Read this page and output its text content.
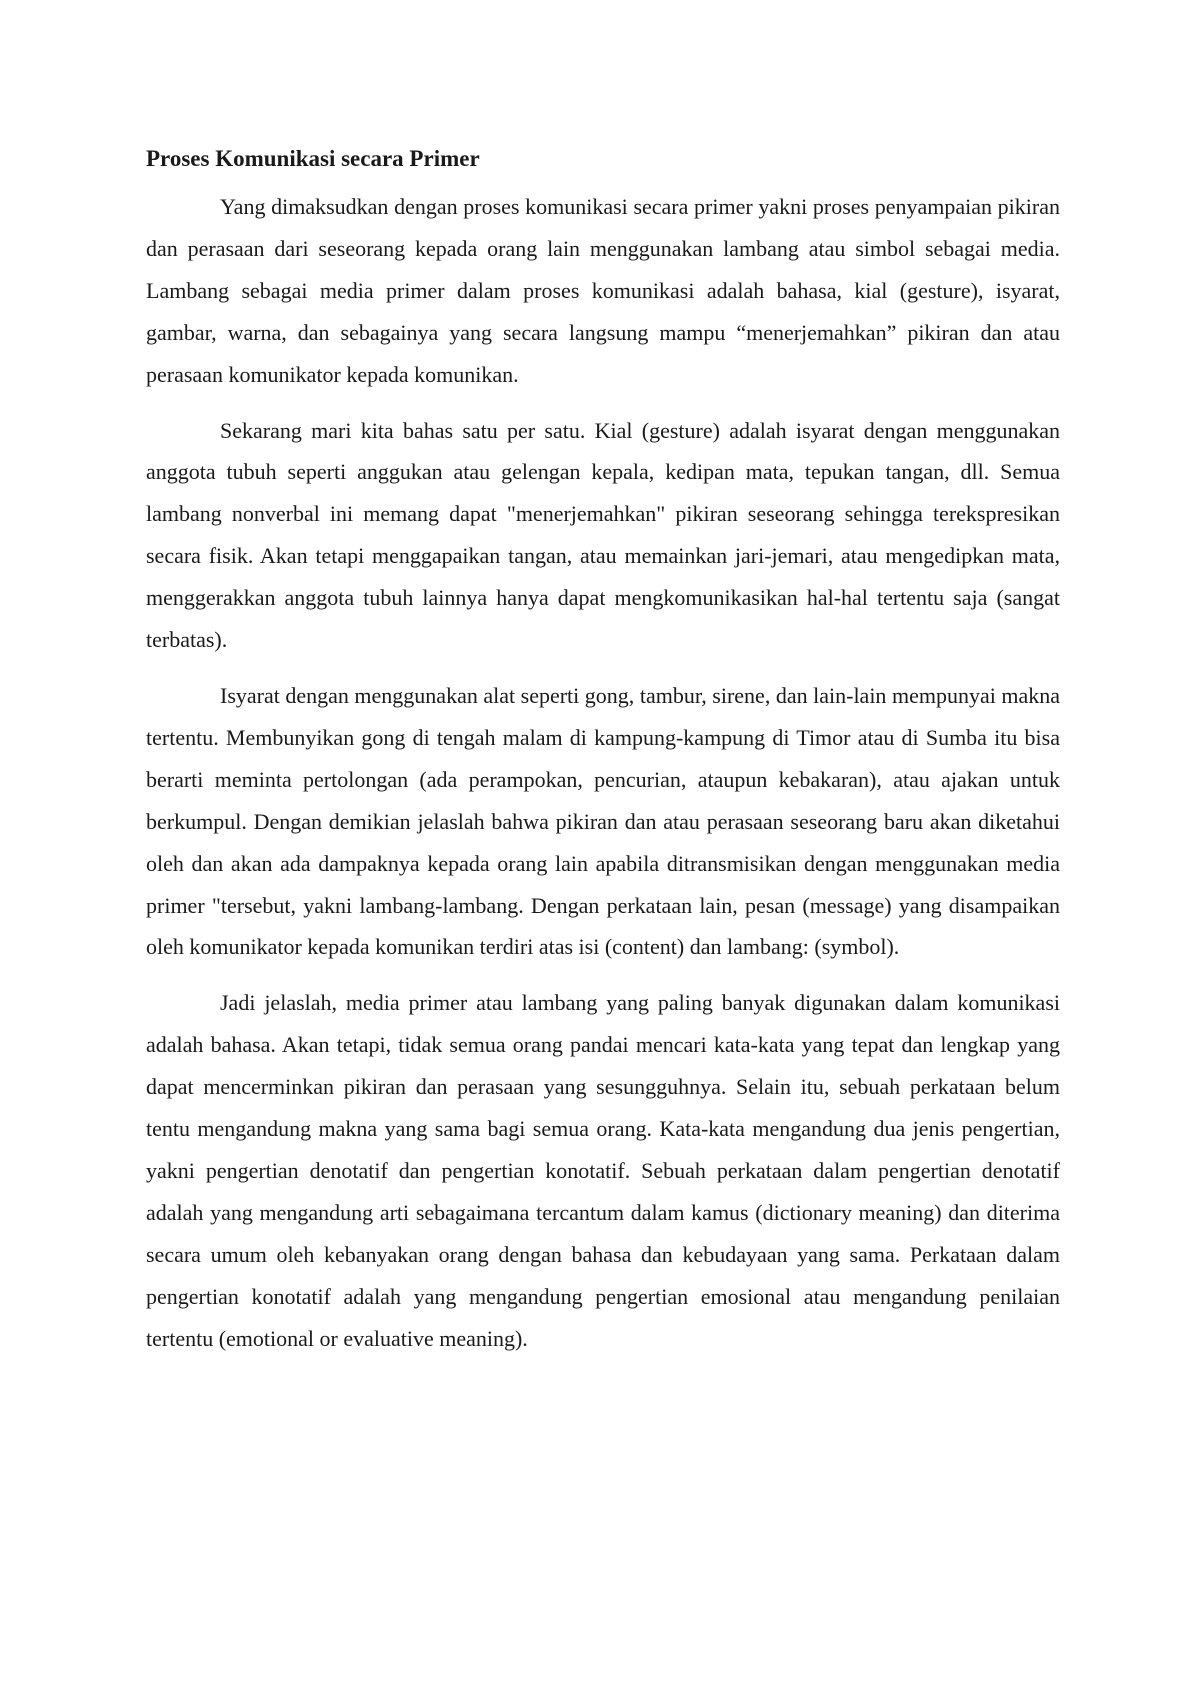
Proses Komunikasi secara Primer

Yang dimaksudkan dengan proses komunikasi secara primer yakni proses penyampaian pikiran dan perasaan dari seseorang kepada orang lain menggunakan lambang atau simbol sebagai media. Lambang sebagai media primer dalam proses komunikasi adalah bahasa, kial (gesture), isyarat, gambar, warna, dan sebagainya yang secara langsung mampu “menerjemahkan” pikiran dan atau perasaan komunikator kepada komunikan.

Sekarang mari kita bahas satu per satu. Kial (gesture) adalah isyarat dengan menggunakan anggota tubuh seperti anggukan atau gelengan kepala, kedipan mata, tepukan tangan, dll. Semua lambang nonverbal ini memang dapat "menerjemahkan" pikiran seseorang sehingga terekspresikan secara fisik. Akan tetapi menggapaikan tangan, atau memainkan jari-jemari, atau mengedipkan mata, menggerakkan anggota tubuh lainnya hanya dapat mengkomunikasikan hal-hal tertentu saja (sangat terbatas).

Isyarat dengan menggunakan alat seperti gong, tambur, sirene, dan lain-lain mempunyai makna tertentu. Membunyikan gong di tengah malam di kampung-kampung di Timor atau di Sumba itu bisa berarti meminta pertolongan (ada perampokan, pencurian, ataupun kebakaran), atau ajakan untuk berkumpul. Dengan demikian jelaslah bahwa pikiran dan atau perasaan seseorang baru akan diketahui oleh dan akan ada dampaknya kepada orang lain apabila ditransmisikan dengan menggunakan media primer "tersebut, yakni lambang-lambang. Dengan perkataan lain, pesan (message) yang disampaikan oleh komunikator kepada komunikan terdiri atas isi (content) dan lambang: (symbol).

Jadi jelaslah, media primer atau lambang yang paling banyak digunakan dalam komunikasi adalah bahasa. Akan tetapi, tidak semua orang pandai mencari kata-kata yang tepat dan lengkap yang dapat mencerminkan pikiran dan perasaan yang sesungguhnya. Selain itu, sebuah perkataan belum tentu mengandung makna yang sama bagi semua orang. Kata-kata mengandung dua jenis pengertian, yakni pengertian denotatif dan pengertian konotatif. Sebuah perkataan dalam pengertian denotatif adalah yang mengandung arti sebagaimana tercantum dalam kamus (dictionary meaning) dan diterima secara umum oleh kebanyakan orang dengan bahasa dan kebudayaan yang sama. Perkataan dalam pengertian konotatif adalah yang mengandung pengertian emosional atau mengandung penilaian tertentu (emotional or evaluative meaning).
